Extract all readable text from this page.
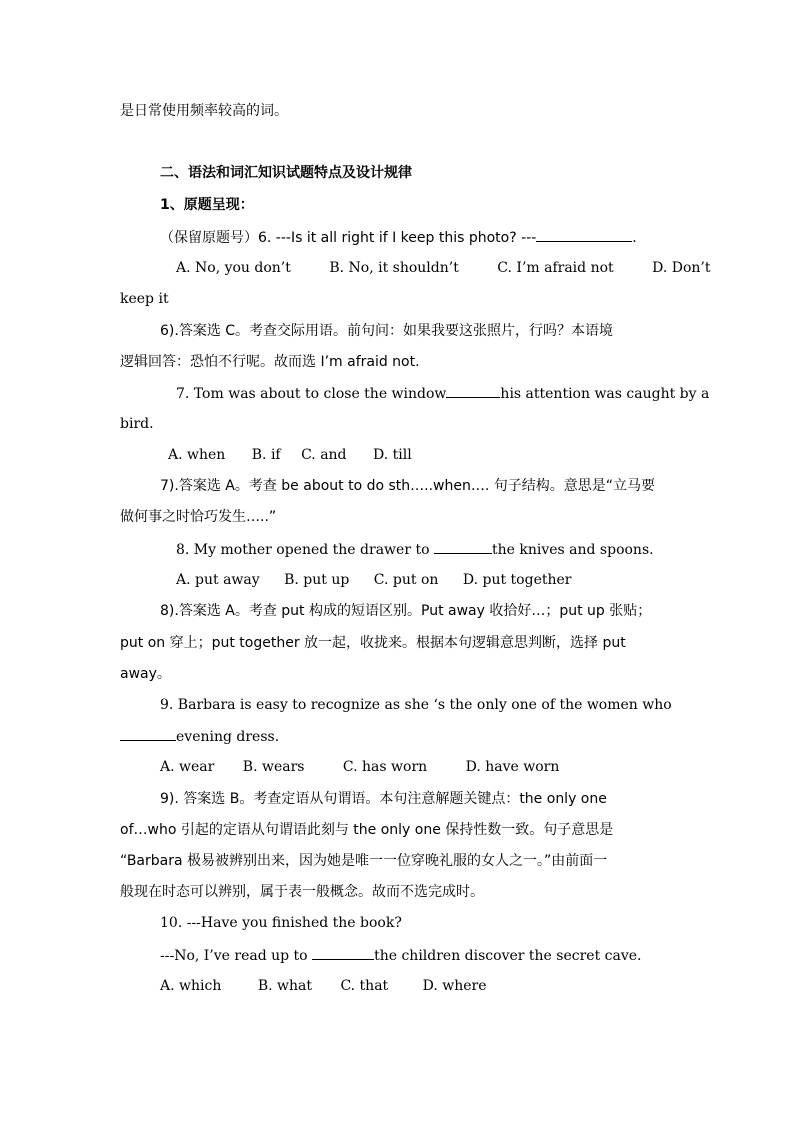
是日常使用频率较高的词。
二、语法和词汇知识试题特点及设计规律
1、原题呈现：
（保留原题号）6. ---Is it all right if I keep this photo? ---	.
A. No, you don’t	B. No, it shouldn’t	C. I’m afraid not	D. Don’t
keep it
6).答案选 C。考查交际用语。前句问：如果我要这张照片，行吗？本语境
逻辑回答：恐怕不行呢。故而选 I’m afraid not.
7. Tom was about to close the window	his attention was caught by a
bird.
A. when B. if C. and D. till
7).答案选 A。考查 be about to do sth…..when…. 句子结构。意思是“立马要
做何事之时恰巧发生…..”
8. My mother opened the drawer to	the knives and spoons.
A. put away B. put up C. put on D. put together
8).答案选 A。考查 put 构成的短语区别。Put away 收拾好…；put up 张贴；
put on 穿上；put together 放一起，收拢来。根据本句逻辑意思判断，选择 put
away。
9. Barbara is easy to recognize as she ‘s the only one of the women who
evening dress.
A. wear B. wears	C. has worn	D. have worn
9). 答案选 B。考查定语从句谓语。本句注意解题关键点：the only one
of…who 引起的定语从句谓语此刻与 the only one 保持性数一致。句子意思是
“Barbara 极易被辨别出来，因为她是唯一一位穿晚礼服的女人之一。”由前面一
般现在时态可以辨别，属于表一般概念。故而不选完成时。
10. ---Have you finished the book?
---No, I’ve read up to	the children discover the secret cave.
A. which	B. what C. that D. where
